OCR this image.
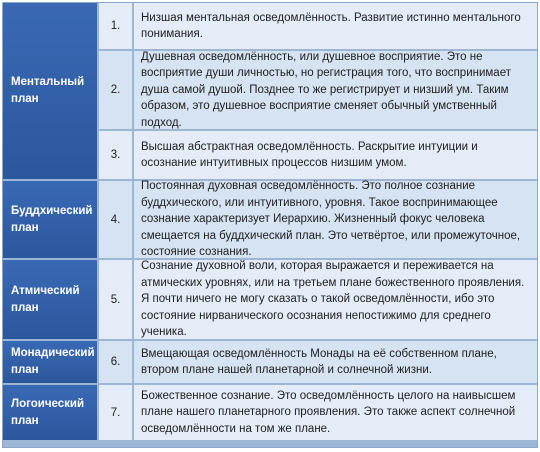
Ментальный
план
1.
Низшая ментальная осведомлённость. Развитие истинно ментального понимания.
2.
Душевная осведомлённость, или душевное восприятие. Это не восприятие души личностью, но регистрация того, что воспринимает душа самой душой. Позднее то же регистрирует и низший ум. Таким образом, это душевное восприятие сменяет обычный умственный подход.
3.
Высшая абстрактная осведомлённость. Раскрытие интуиции и осознание интуитивных процессов низшим умом.
Буддхический
план
4.
Постоянная духовная осведомлённость. Это полное сознание буддхического, или интуитивного, уровня. Такое воспринимающее сознание характеризует Иерархию. Жизненный фокус человека смещается на буддхический план. Это четвёртое, или промежуточное, состояние сознания.
Атмический
план
5.
Сознание духовной воли, которая выражается и переживается на атмических уровнях, или на третьем плане божественного проявления. Я почти ничего не могу сказать о такой осведомлённости, ибо это состояние нирванического осознания непостижимо для среднего ученика.
Монадический
план
6.
Вмещающая осведомлённость Монады на её собственном плане, втором плане нашей планетарной и солнечной жизни.
Логоический
план
7.
Божественное сознание. Это осведомлённость целого на наивысшем плане нашего планетарного проявления. Это также аспект солнечной осведомлённости на том же плане.
